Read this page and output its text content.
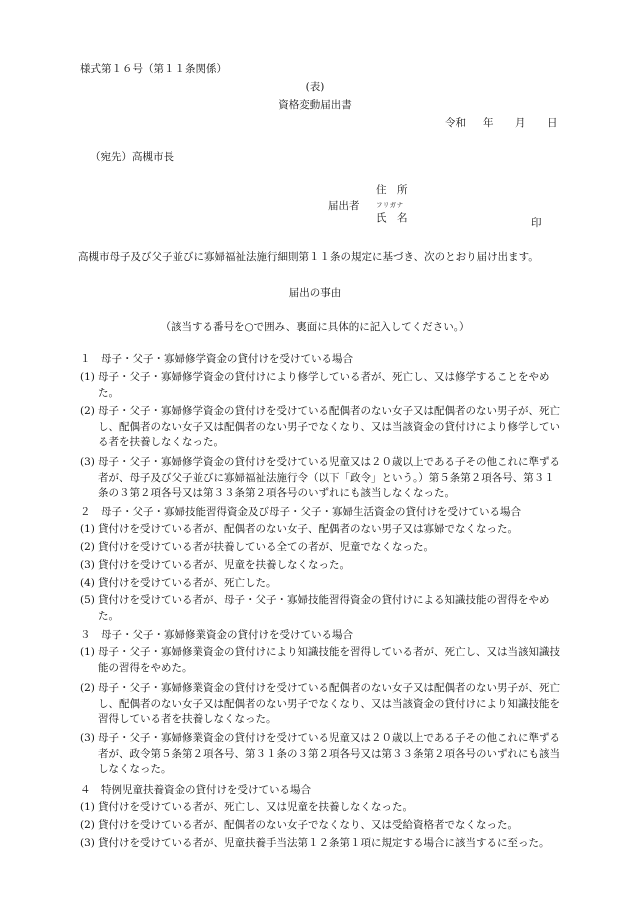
様式第１６号（第１１条関係）
(表)
資格変動届出書
令和 年 月 日
（宛先）高槻市長
住　所
届出者	フリガナ
氏　名	印
高槻市母子及び父子並びに寡婦福祉法施行細則第１１条の規定に基づき、次のとおり届け出ます。
届出の事由
（該当する番号を○で囲み、裏面に具体的に記入してください。）
１　 母子・父子・寡婦修学資金の貸付けを受けている場合
(1) 母子・父子・寡婦修学資金の貸付けにより修学している者が、死亡し、又は修学することをやめた。
(2) 母子・父子・寡婦修学資金の貸付けを受けている配偶者のない女子又は配偶者のない男子が、死亡し、配偶者のない女子又は配偶者のない男子でなくなり、又は当該資金の貸付けにより修学している者を扶養しなくなった。
(3) 母子・父子・寡婦修学資金の貸付けを受けている児童又は２０歳以上である子その他これに準ずる者が、母子及び父子並びに寡婦福祉法施行令（以下「政令」という。）第５条第２項各号、第３１条の３第２項各号又は第３３条第２項各号のいずれにも該当しなくなった。
２　 母子・父子・寡婦技能習得資金及び母子・父子・寡婦生活資金の貸付けを受けている場合
(1) 貸付けを受けている者が、配偶者のない女子、配偶者のない男子又は寡婦でなくなった。
(2) 貸付けを受けている者が扶養している全ての者が、児童でなくなった。
(3) 貸付けを受けている者が、児童を扶養しなくなった。
(4) 貸付けを受けている者が、死亡した。
(5) 貸付けを受けている者が、母子・父子・寡婦技能習得資金の貸付けによる知識技能の習得をやめた。
３　 母子・父子・寡婦修業資金の貸付けを受けている場合
(1) 母子・父子・寡婦修業資金の貸付けにより知識技能を習得している者が、死亡し、又は当該知識技能の習得をやめた。
(2) 母子・父子・寡婦修業資金の貸付けを受けている配偶者のない女子又は配偶者のない男子が、死亡し、配偶者のない女子又は配偶者のない男子でなくなり、又は当該資金の貸付けにより知識技能を習得している者を扶養しなくなった。
(3) 母子・父子・寡婦修業資金の貸付けを受けている児童又は２０歳以上である子その他これに準ずる者が、政令第５条第２項各号、第３１条の３第２項各号又は第３３条第２項各号のいずれにも該当しなくなった。
４　 特例児童扶養資金の貸付けを受けている場合
(1) 貸付けを受けている者が、死亡し、又は児童を扶養しなくなった。
(2) 貸付けを受けている者が、配偶者のない女子でなくなり、又は受給資格者でなくなった。
(3) 貸付けを受けている者が、児童扶養手当法第１２条第１項に規定する場合に該当するに至った。
